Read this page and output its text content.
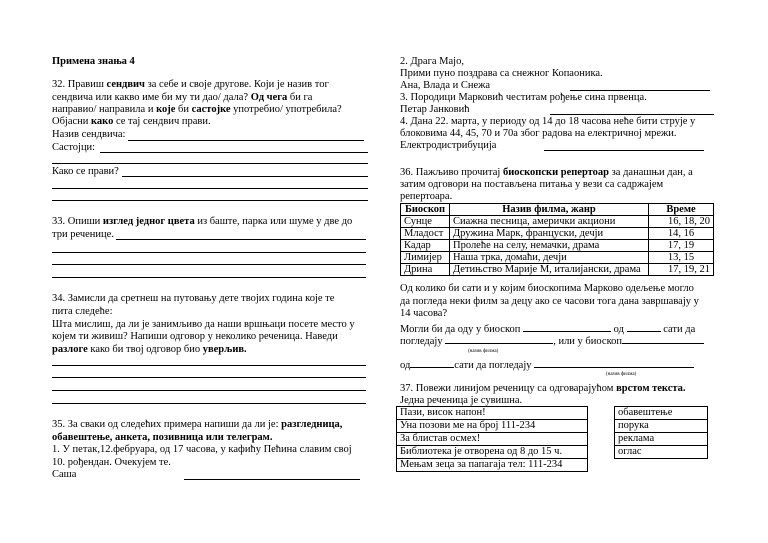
Примена знања 4
32. Правиш сендвич за себе и своје другове. Који је назив тог
сендвича или какво име би му ти дао/ дала? Од чега би га
направио/ направила и које би састојке употребио/ употребила?
Објасни како се тај сендвич прави.
Назив сендвича:
Састојци:
Како се прави?
33. Опиши изглед једног цвета из баште, парка или шуме у две до
три реченице.
34. Замисли да сретнеш на путовању дете твојих година које те
пита следеће:
Шта мислиш, да ли је занимљиво да наши вршњаци посете место у
којем ти живиш? Напиши одговор у неколико реченица. Наведи
разлоге како би твој одговор био уверљив.
35. За сваки од следећих примера напиши да ли је: разгледница,
обавештење, анкета, позивница или телеграм.
1. У петак,12.фебруара, од 17 часова, у кафићу Пећина славим свој
10. рођендан. Очекујем те.
Саша
2. Драга Мајо,
Прими пуно поздрава са снежног Копаоника.
Ана, Влада и Снежа
3. Породици Марковић честитам рођење сина првенца.
Петар Јанковић
4. Дана 22. марта, у периоду од 14 до 18 часова неће бити струје у
блоковима 44, 45, 70 и 70а због радова на електричној мрежи.
Електродистрибуција
36. Пажљиво прочитај биоскопски репертоар за данашњи дан, а
затим одговори на постављена питања у вези са садржајем
репертоара.
Биоскоп	Назив филма, жанр	Време
Сунце	Сиажна песница, амерички акциони	16, 18, 20
Младост	Дружина Марк, француски, дечји	14, 16
Кадар	Пролеће на селу, немачки, драма	17, 19
Лимијер	Наша трка, домаћи, дечји	13, 15
Дрина	Детињство Марије М, италијански, драма	17, 19, 21
Од колико би сати и у којим биоскопима Марково одељење могло
да погледа неки филм за децу ако се часови тога дана завршавају у
14 часова?
Могли би да оду у биоскоп	од	сати да
погледају	, или у биоскоп
(назив филма)
од	сати да погледају
(назив филма)
37. Повежи линијом реченицу са одговарајућом врстом текста.
Једна реченица је сувишна.
Пази, висок напон!
Уна позови ме на број 111-234
За блистав осмех!
Библиотека је отворена од 8 до 15 ч.
Мењам зеца за папагаја тел: 111-234
обавештење
порука
реклама
оглас
